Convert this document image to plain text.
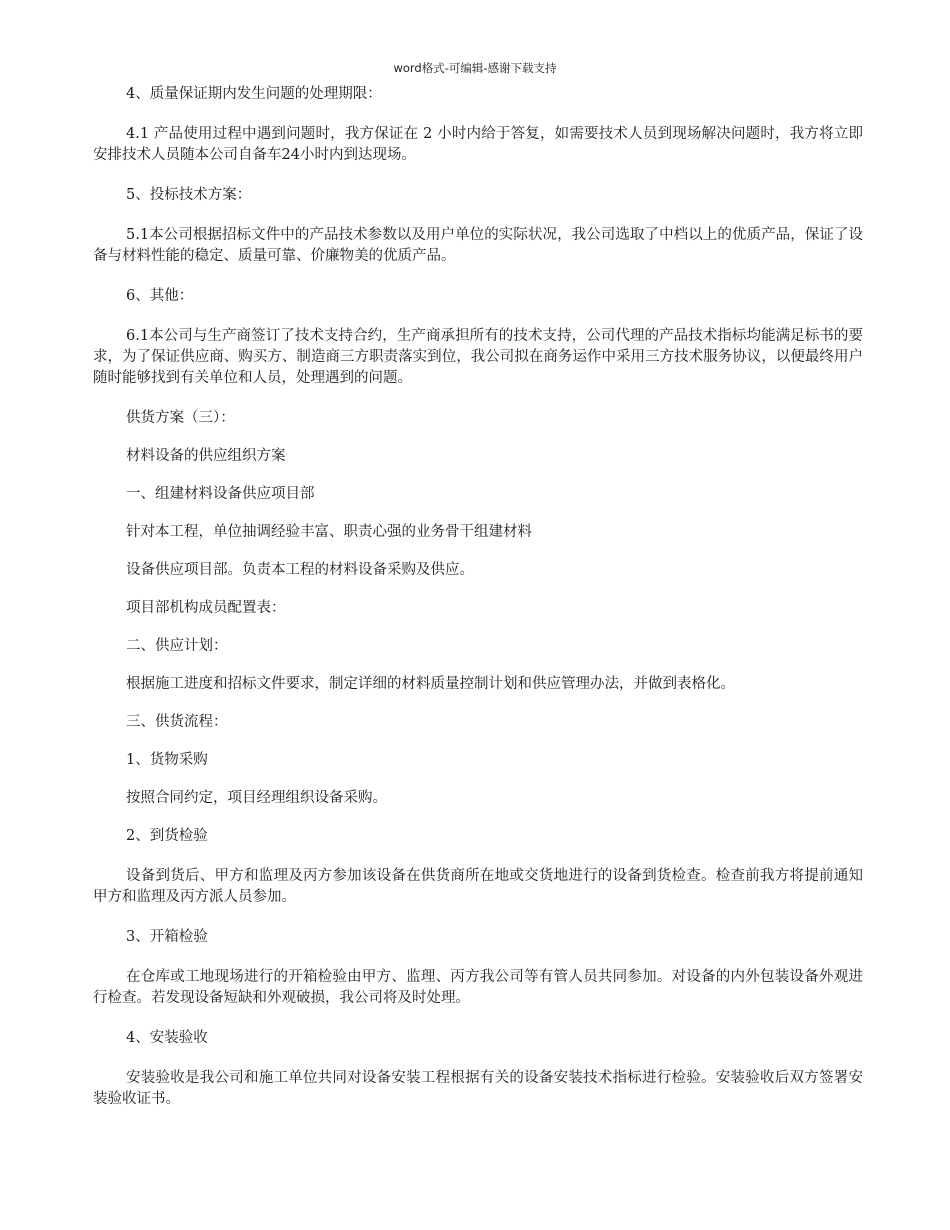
word格式-可编辑-感谢下载支持

4、质量保证期内发生问题的处理期限：

4.1 产品使用过程中遇到问题时，我方保证在 2 小时内给于答复，如需要技术人员到现场解决问题时，我方将立即安排技术人员随本公司自备车24小时内到达现场。

5、投标技术方案：

5.1本公司根据招标文件中的产品技术参数以及用户单位的实际状况，我公司选取了中档以上的优质产品，保证了设备与材料性能的稳定、质量可靠、价廉物美的优质产品。

6、其他：

6.1本公司与生产商签订了技术支持合约，生产商承担所有的技术支持，公司代理的产品技术指标均能满足标书的要求，为了保证供应商、购买方、制造商三方职责落实到位，我公司拟在商务运作中采用三方技术服务协议，以便最终用户随时能够找到有关单位和人员，处理遇到的问题。

供货方案（三）：

材料设备的供应组织方案

一、组建材料设备供应项目部

针对本工程，单位抽调经验丰富、职责心强的业务骨干组建材料

设备供应项目部。负责本工程的材料设备采购及供应。

项目部机构成员配置表：

二、供应计划：

根据施工进度和招标文件要求，制定详细的材料质量控制计划和供应管理办法，并做到表格化。

三、供货流程：

1、货物采购

按照合同约定，项目经理组织设备采购。

2、到货检验

设备到货后、甲方和监理及丙方参加该设备在供货商所在地或交货地进行的设备到货检查。检查前我方将提前通知甲方和监理及丙方派人员参加。

3、开箱检验

在仓库或工地现场进行的开箱检验由甲方、监理、丙方我公司等有管人员共同参加。对设备的内外包装设备外观进行检查。若发现设备短缺和外观破损，我公司将及时处理。

4、安装验收

安装验收是我公司和施工单位共同对设备安装工程根据有关的设备安装技术指标进行检验。安装验收后双方签署安装验收证书。
